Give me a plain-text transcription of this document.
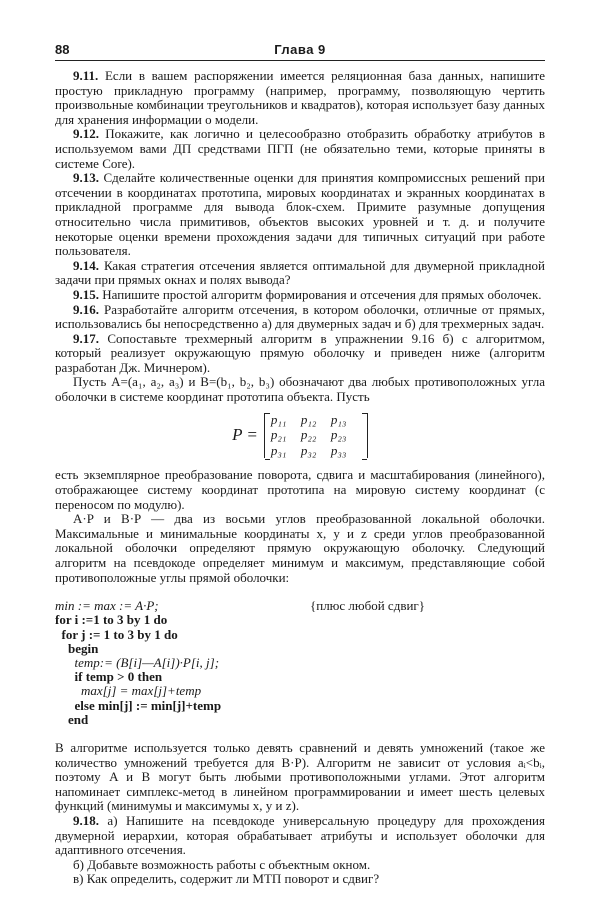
88	Глава 9

9.11. Если в вашем распоряжении имеется реляционная база данных, напишите простую прикладную программу (например, программу, позволяющую чертить произвольные комбинации треугольников и квадратов), которая использует базу данных для хранения информации о модели.

9.12. Покажите, как логично и целесообразно отобразить обработку атрибутов в используемом вами ДП средствами ПГП (не обязательно теми, которые приняты в системе Core).

9.13. Сделайте количественные оценки для принятия компромиссных решений при отсечении в координатах прототипа, мировых координатах и экранных координатах в прикладной программе для вывода блок-схем. Примите разумные допущения относительно числа примитивов, объектов высоких уровней и т. д. и получите некоторые оценки времени прохождения задачи для типичных ситуаций при работе пользователя.

9.14. Какая стратегия отсечения является оптимальной для двумерной прикладной задачи при прямых окнах и полях вывода?

9.15. Напишите простой алгоритм формирования и отсечения для прямых оболочек.

9.16. Разработайте алгоритм отсечения, в котором оболочки, отличные от прямых, использовались бы непосредственно а) для двумерных задач и б) для трехмерных задач.

9.17. Сопоставьте трехмерный алгоритм в упражнении 9.16 б) с алгоритмом, который реализует окружающую прямую оболочку и приведен ниже (алгоритм разработан Дж. Мичнером).

Пусть A=(a₁, a₂, a₃) и B=(b₁, b₂, b₃) обозначают два любых противоположных угла оболочки в системе координат прототипа объекта. Пусть

P =
p₁₁	p₁₂	p₁₃
p₂₁	p₂₂	p₂₃
p₃₁	p₃₂	p₃₃

есть экземплярное преобразование поворота, сдвига и масштабирования (линейного), отображающее систему координат прототипа на мировую систему координат (с переносом по модулю).

A·P и B·P — два из восьми углов преобразованной локальной оболочки. Максимальные и минимальные координаты x, y и z среди углов преобразованной локальной оболочки определяют прямую окружающую оболочку. Следующий алгоритм на псевдокоде определяет минимум и максимум, представляющие собой противоположные углы прямой оболочки:

{плюс любой сдвиг}
min := max := A·P;
for i :=1 to 3 by 1 do
for j := 1 to 3 by 1 do
begin
temp:= (B[i]—A[i])·P[i, j];
if temp > 0 then
max[j] = max[j]+temp
else min[j] := min[j]+temp
end

В алгоритме используется только девять сравнений и девять умножений (такое же количество умножений требуется для B·P). Алгоритм не зависит от условия aᵢ<bᵢ, поэтому A и B могут быть любыми противоположными углами. Этот алгоритм напоминает симплекс-метод в линейном программировании и имеет шесть целевых функций (минимумы и максимумы x, y и z).

9.18. а) Напишите на псевдокоде универсальную процедуру для прохождения двумерной иерархии, которая обрабатывает атрибуты и использует оболочки для адаптивного отсечения.

б) Добавьте возможность работы с объектным окном.

в) Как определить, содержит ли МТП поворот и сдвиг?
